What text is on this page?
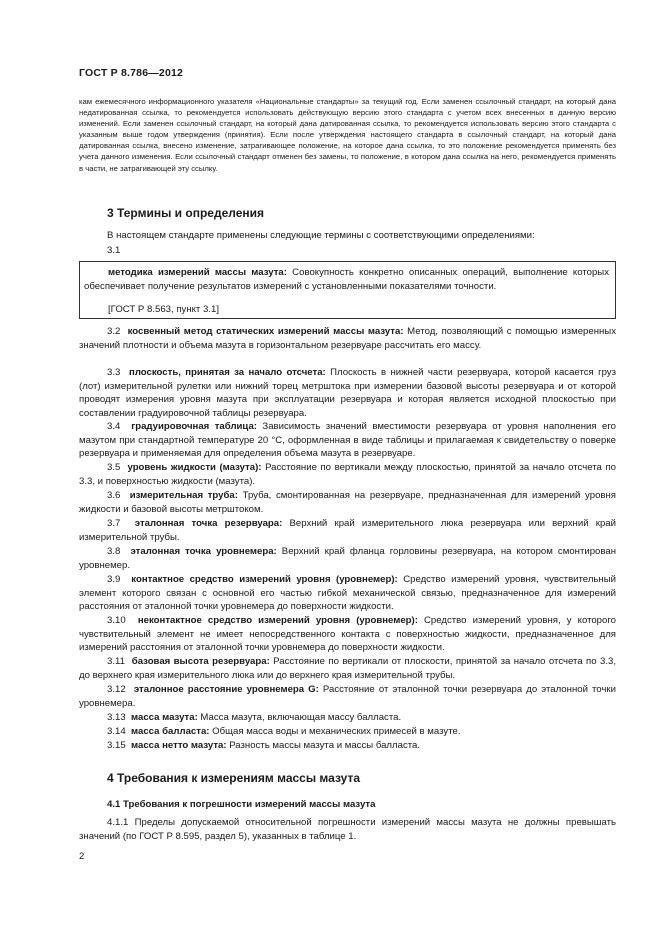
ГОСТ Р 8.786—2012
кам ежемесячного информационного указателя «Национальные стандарты» за текущий год. Если заменен ссылочный стандарт, на который дана недатированная ссылка, то рекомендуется использовать действующую версию этого стандарта с учетом всех внесенных в данную версию изменений. Если заменен ссылочный стандарт, на который дана датированная ссылка, то рекомендуется использовать версию этого стандарта с указанным выше годом утверждения (принятия). Если после утверждения настоящего стандарта в ссылочный стандарт, на который дана датированная ссылка, внесено изменение, затрагивающее положение, на которое дана ссылка, то это положение рекомендуется применять без учета данного изменения. Если ссылочный стандарт отменен без замены, то положение, в котором дана ссылка на него, рекомендуется применять в части, не затрагивающей эту ссылку.
3 Термины и определения
В настоящем стандарте применены следующие термины с соответствующими определениями:
3.1
методика измерений массы мазута: Совокупность конкретно описанных операций, выполнение которых обеспечивает получение результатов измерений с установленными показателями точности.
[ГОСТ Р 8.563, пункт 3.1]
3.2 косвенный метод статических измерений массы мазута: Метод, позволяющий с помощью измеренных значений плотности и объема мазута в горизонтальном резервуаре рассчитать его массу.
3.3 плоскость, принятая за начало отсчета: Плоскость в нижней части резервуара, которой касается груз (лот) измерительной рулетки или нижний торец метрштока при измерении базовой высоты резервуара и от которой проводят измерения уровня мазута при эксплуатации резервуара и которая является исходной плоскостью при составлении градуировочной таблицы резервуара.
3.4 градуировочная таблица: Зависимость значений вместимости резервуара от уровня наполнения его мазутом при стандартной температуре 20 °С, оформленная в виде таблицы и прилагаемая к свидетельству о поверке резервуара и применяемая для определения объема мазута в резервуаре.
3.5 уровень жидкости (мазута): Расстояние по вертикали между плоскостью, принятой за начало отсчета по 3.3, и поверхностью жидкости (мазута).
3.6 измерительная труба: Труба, смонтированная на резервуаре, предназначенная для измерений уровня жидкости и базовой высоты метрштоком.
3.7 эталонная точка резервуара: Верхний край измерительного люка резервуара или верхний край измерительной трубы.
3.8 эталонная точка уровнемера: Верхний край фланца горловины резервуара, на котором смонтирован уровнемер.
3.9 контактное средство измерений уровня (уровнемер): Средство измерений уровня, чувствительный элемент которого связан с основной его частью гибкой механической связью, предназначенное для измерений расстояния от эталонной точки уровнемера до поверхности жидкости.
3.10 неконтактное средство измерений уровня (уровнемер): Средство измерений уровня, у которого чувствительный элемент не имеет непосредственного контакта с поверхностью жидкости, предназначенное для измерений расстояния от эталонной точки уровнемера до поверхности жидкости.
3.11 базовая высота резервуара: Расстояние по вертикали от плоскости, принятой за начало отсчета по 3.3, до верхнего края измерительного люка или до верхнего края измерительной трубы.
3.12 эталонное расстояние уровнемера G: Расстояние от эталонной точки резервуара до эталонной точки уровнемера.
3.13 масса мазута: Масса мазута, включающая массу балласта.
3.14 масса балласта: Общая масса воды и механических примесей в мазуте.
3.15 масса нетто мазута: Разность массы мазута и массы балласта.
4 Требования к измерениям массы мазута
4.1 Требования к погрешности измерений массы мазута
4.1.1 Пределы допускаемой относительной погрешности измерений массы мазута не должны превышать значений (по ГОСТ Р 8.595, раздел 5), указанных в таблице 1.
2
